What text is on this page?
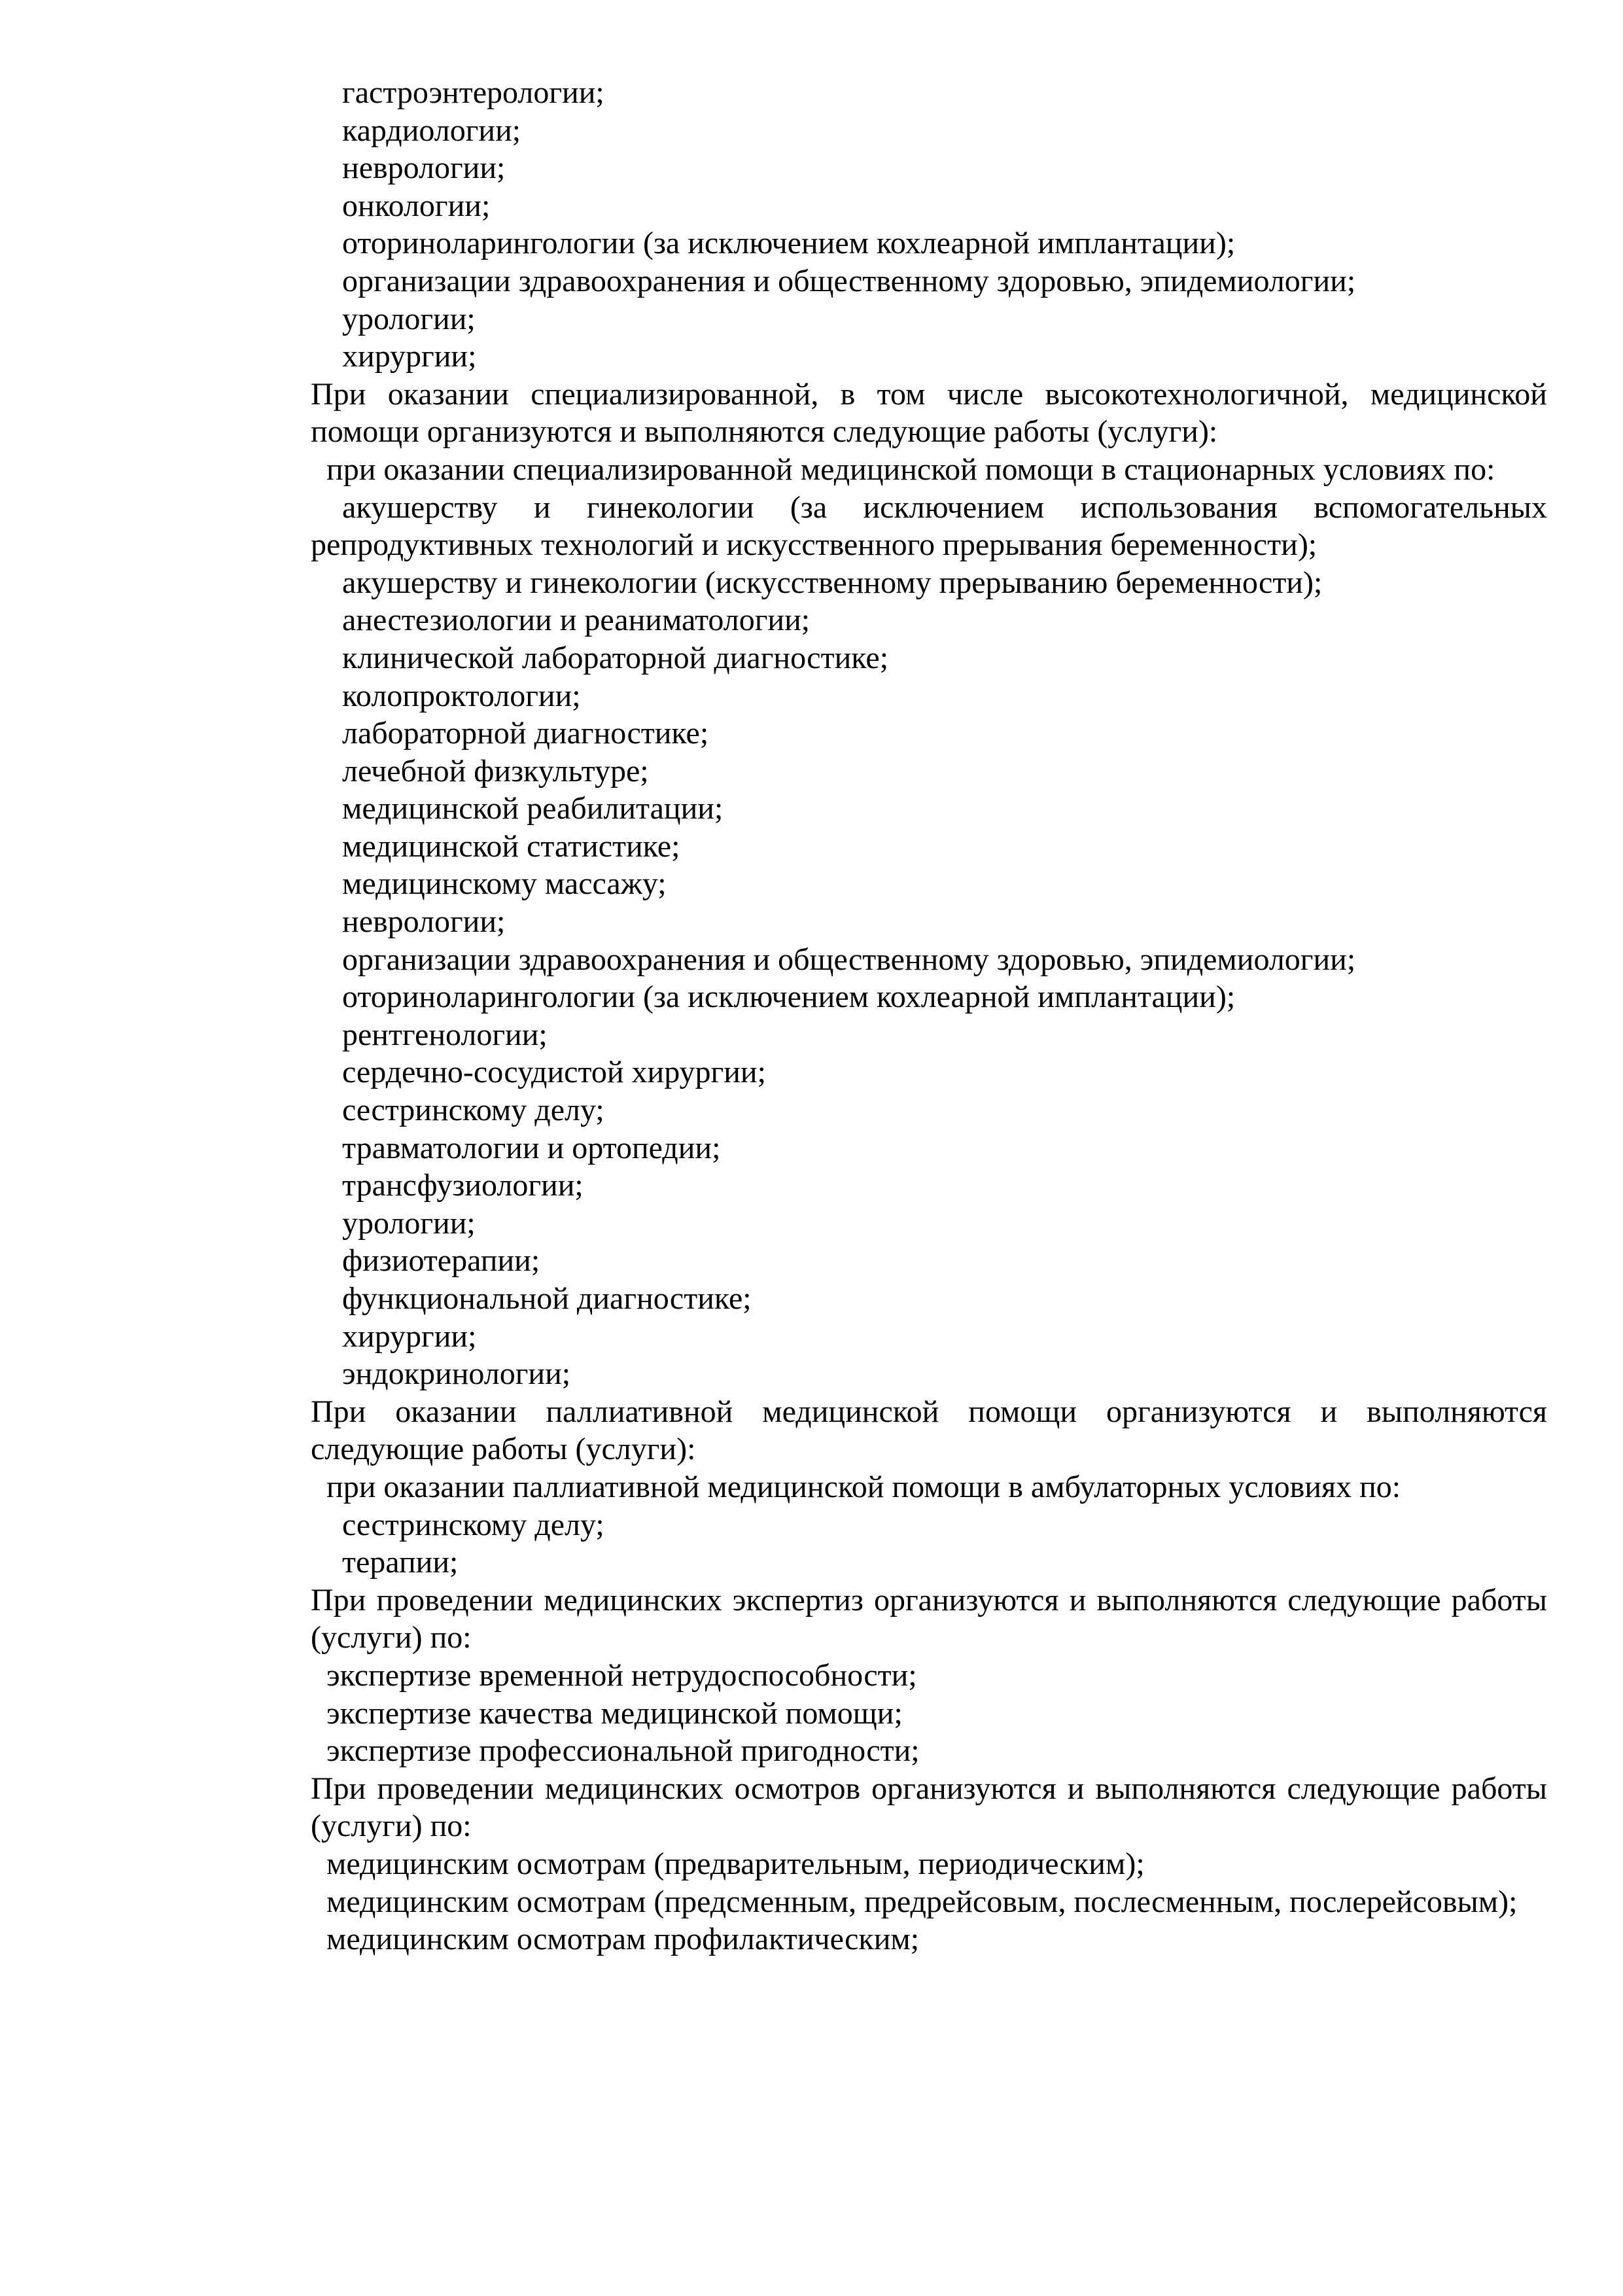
гастроэнтерологии;
кардиологии;
неврологии;
онкологии;
оториноларингологии (за исключением кохлеарной имплантации);
организации здравоохранения и общественному здоровью, эпидемиологии;
урологии;
хирургии;
При оказании специализированной, в том числе высокотехнологичной, медицинской помощи организуются и выполняются следующие работы (услуги):
при оказании специализированной медицинской помощи в стационарных условиях по:
акушерству и гинекологии (за исключением использования вспомогательных репродуктивных технологий и искусственного прерывания беременности);
акушерству и гинекологии (искусственному прерыванию беременности);
анестезиологии и реаниматологии;
клинической лабораторной диагностике;
колопроктологии;
лабораторной диагностике;
лечебной физкультуре;
медицинской реабилитации;
медицинской статистике;
медицинскому массажу;
неврологии;
организации здравоохранения и общественному здоровью, эпидемиологии;
оториноларингологии (за исключением кохлеарной имплантации);
рентгенологии;
сердечно-сосудистой хирургии;
сестринскому делу;
травматологии и ортопедии;
трансфузиологии;
урологии;
физиотерапии;
функциональной диагностике;
хирургии;
эндокринологии;
При оказании паллиативной медицинской помощи организуются и выполняются следующие работы (услуги):
при оказании паллиативной медицинской помощи в амбулаторных условиях по:
сестринскому делу;
терапии;
При проведении медицинских экспертиз организуются и выполняются следующие работы (услуги) по:
экспертизе временной нетрудоспособности;
экспертизе качества медицинской помощи;
экспертизе профессиональной пригодности;
При проведении медицинских осмотров организуются и выполняются следующие работы (услуги) по:
медицинским осмотрам (предварительным, периодическим);
медицинским осмотрам (предсменным, предрейсовым, послесменным, послерейсовым);
медицинским осмотрам профилактическим;
